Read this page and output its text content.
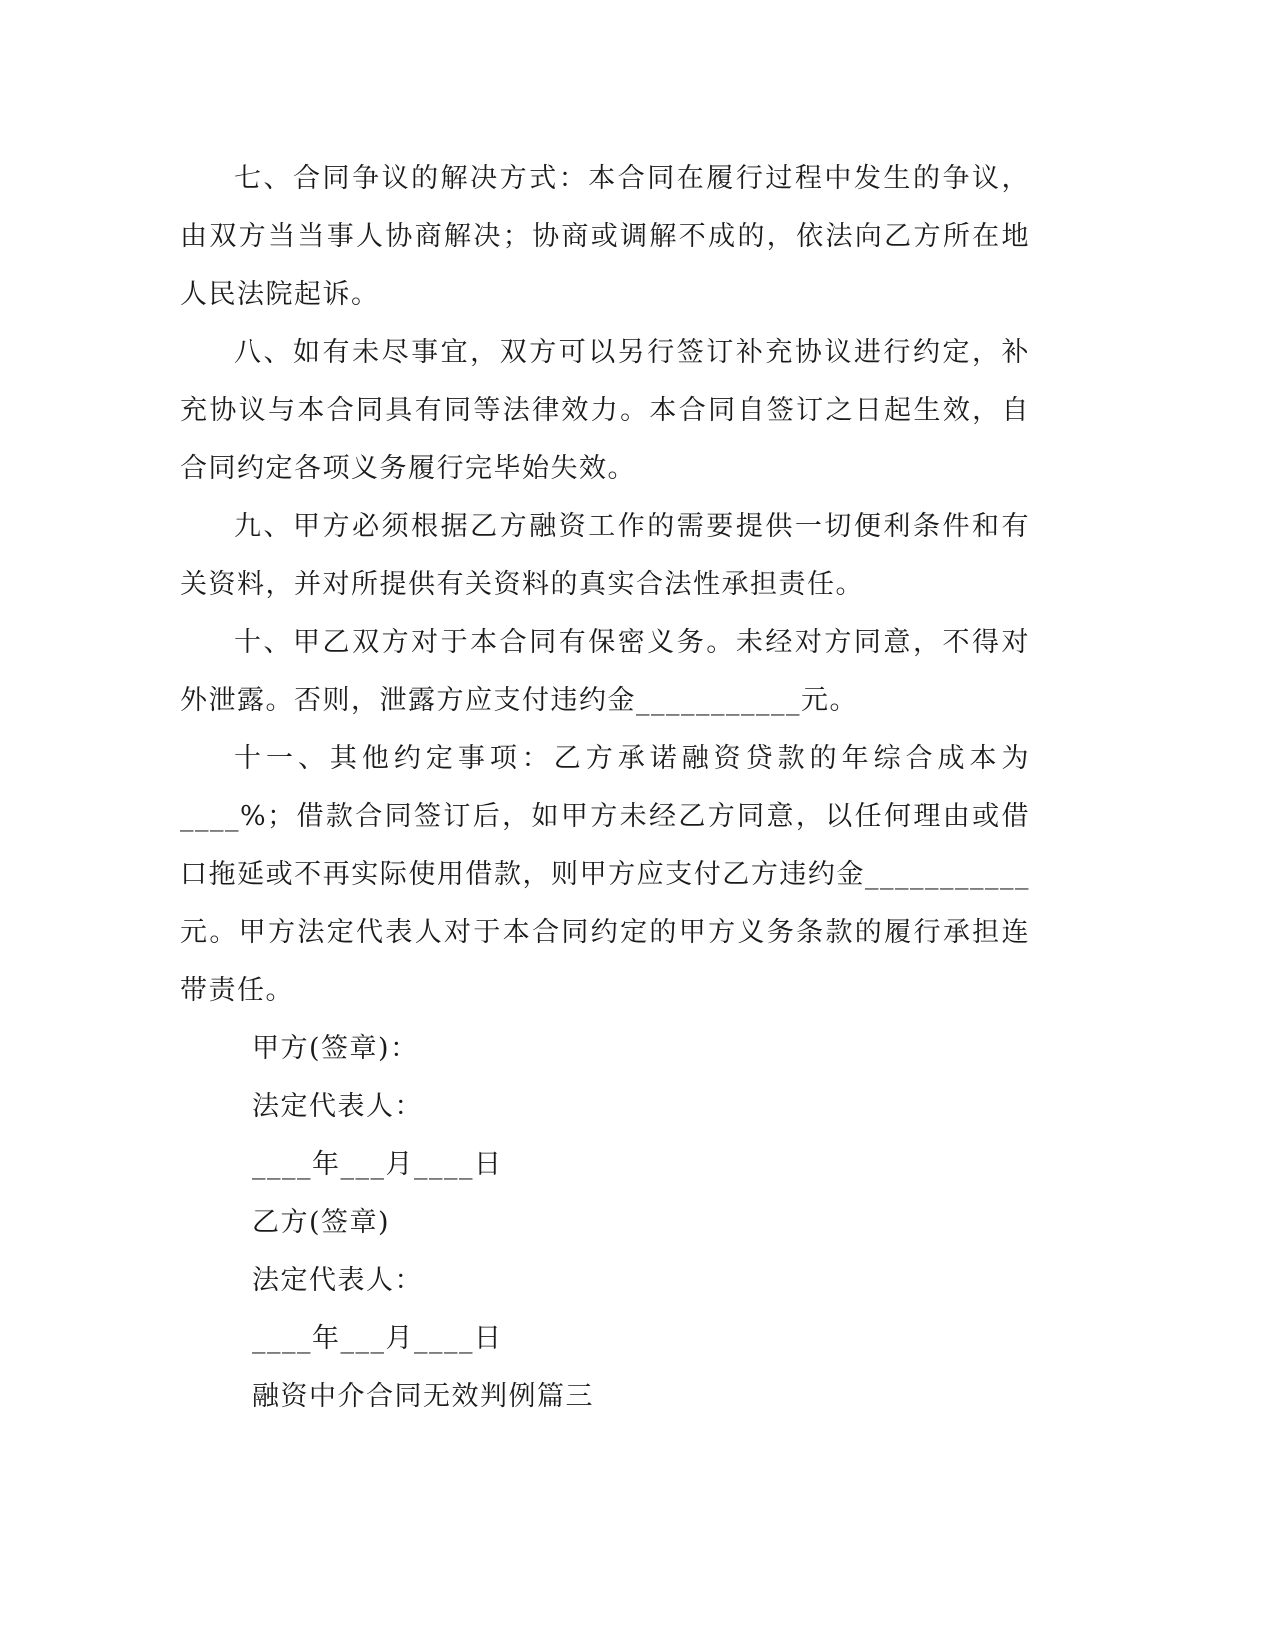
七、合同争议的解决方式：本合同在履行过程中发生的争议，由双方当当事人协商解决；协商或调解不成的，依法向乙方所在地人民法院起诉。

八、如有未尽事宜，双方可以另行签订补充协议进行约定，补充协议与本合同具有同等法律效力。本合同自签订之日起生效，自合同约定各项义务履行完毕始失效。

九、甲方必须根据乙方融资工作的需要提供一切便利条件和有关资料，并对所提供有关资料的真实合法性承担责任。

十、甲乙双方对于本合同有保密义务。未经对方同意，不得对外泄露。否则，泄露方应支付违约金___________元。

十一、其他约定事项：乙方承诺融资贷款的年综合成本为____%；借款合同签订后，如甲方未经乙方同意，以任何理由或借口拖延或不再实际使用借款，则甲方应支付乙方违约金___________元。甲方法定代表人对于本合同约定的甲方义务条款的履行承担连带责任。

甲方(签章)：

法定代表人：

____年___月____日

乙方(签章)

法定代表人：

____年___月____日

融资中介合同无效判例篇三
